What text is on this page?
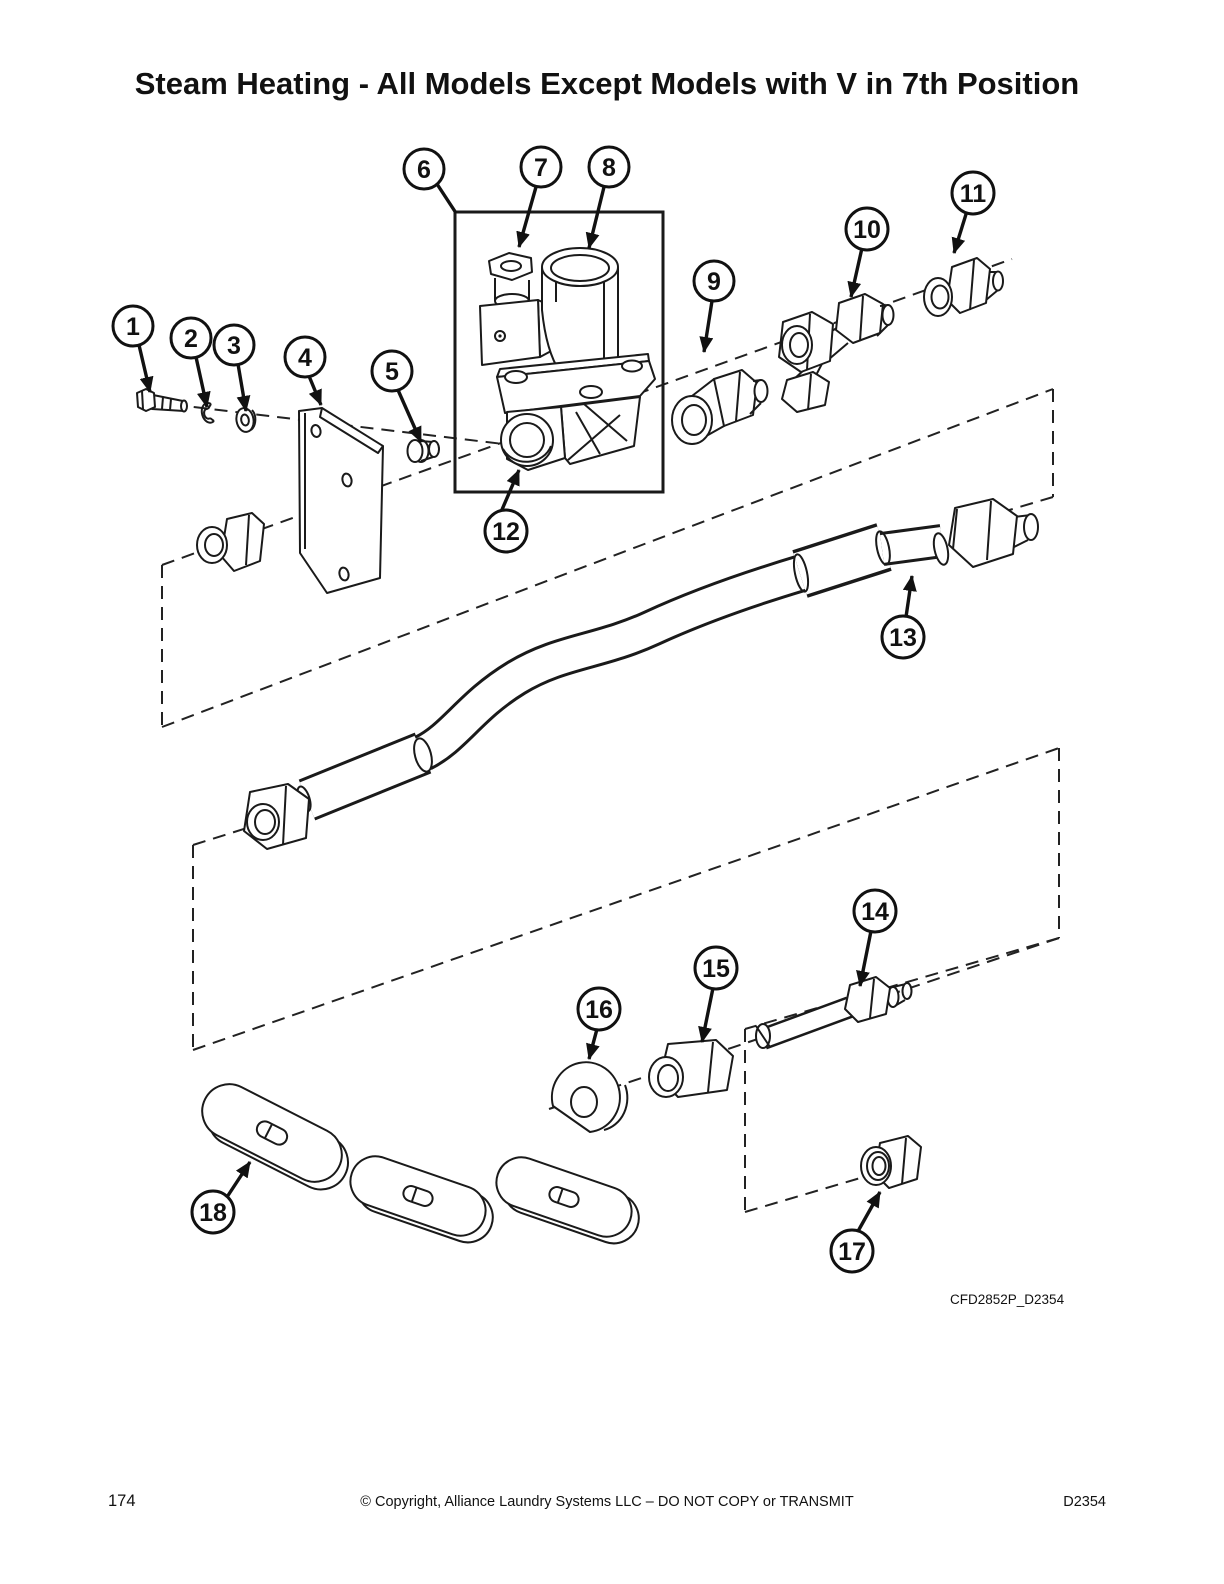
Steam Heating - All Models Except Models with V in 7th Position
1 2 3 4	5
6	7 8
9
10
11
12
13
14
15
16
17
18
CFD2852P_D2354
174	© Copyright, Alliance Laundry Systems LLC – DO NOT COPY or TRANSMIT	D2354
